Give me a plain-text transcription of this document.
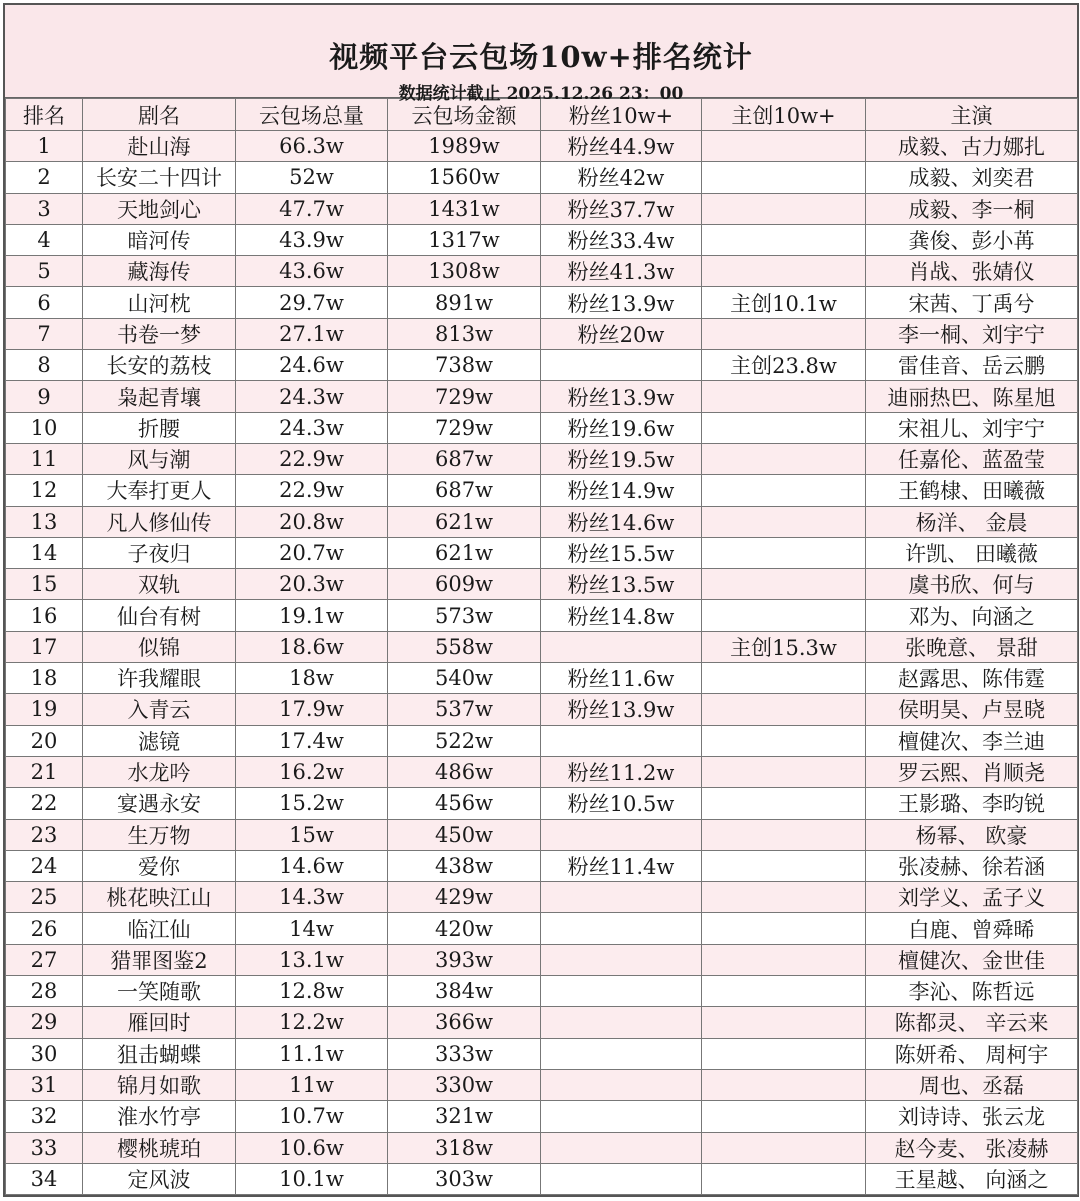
视频平台云包场10w+排名统计
数据统计截止 2025.12.26 23：00
排名	剧名	云包场总量	云包场金额	粉丝10w+	主创10w+	主演
1	赴山海	66.3w	1989w	粉丝44.9w		成毅、古力娜扎
2	长安二十四计	52w	1560w	粉丝42w		成毅、刘奕君
3	天地剑心	47.7w	1431w	粉丝37.7w		成毅、李一桐
4	暗河传	43.9w	1317w	粉丝33.4w		龚俊、彭小苒
5	藏海传	43.6w	1308w	粉丝41.3w		肖战、张婧仪
6	山河枕	29.7w	891w	粉丝13.9w	主创10.1w	宋茜、丁禹兮
7	书卷一梦	27.1w	813w	粉丝20w		李一桐、刘宇宁
8	长安的荔枝	24.6w	738w		主创23.8w	雷佳音、岳云鹏
9	枭起青壤	24.3w	729w	粉丝13.9w		迪丽热巴、陈星旭
10	折腰	24.3w	729w	粉丝19.6w		宋祖儿、刘宇宁
11	风与潮	22.9w	687w	粉丝19.5w		任嘉伦、蓝盈莹
12	大奉打更人	22.9w	687w	粉丝14.9w		王鹤棣、田曦薇
13	凡人修仙传	20.8w	621w	粉丝14.6w		杨洋、 金晨
14	子夜归	20.7w	621w	粉丝15.5w		许凯、 田曦薇
15	双轨	20.3w	609w	粉丝13.5w		虞书欣、何与
16	仙台有树	19.1w	573w	粉丝14.8w		邓为、向涵之
17	似锦	18.6w	558w		主创15.3w	张晚意、 景甜
18	许我耀眼	18w	540w	粉丝11.6w		赵露思、陈伟霆
19	入青云	17.9w	537w	粉丝13.9w		侯明昊、卢昱晓
20	滤镜	17.4w	522w			檀健次、李兰迪
21	水龙吟	16.2w	486w	粉丝11.2w		罗云熙、肖顺尧
22	宴遇永安	15.2w	456w	粉丝10.5w		王影璐、李昀锐
23	生万物	15w	450w			杨幂、 欧豪
24	爱你	14.6w	438w	粉丝11.4w		张凌赫、徐若涵
25	桃花映江山	14.3w	429w			刘学义、孟子义
26	临江仙	14w	420w			白鹿、曾舜晞
27	猎罪图鉴2	13.1w	393w			檀健次、金世佳
28	一笑随歌	12.8w	384w			李沁、陈哲远
29	雁回时	12.2w	366w			陈都灵、 辛云来
30	狙击蝴蝶	11.1w	333w			陈妍希、 周柯宇
31	锦月如歌	11w	330w			周也、丞磊
32	淮水竹亭	10.7w	321w			刘诗诗、张云龙
33	樱桃琥珀	10.6w	318w			赵今麦、 张凌赫
34	定风波	10.1w	303w			王星越、 向涵之
